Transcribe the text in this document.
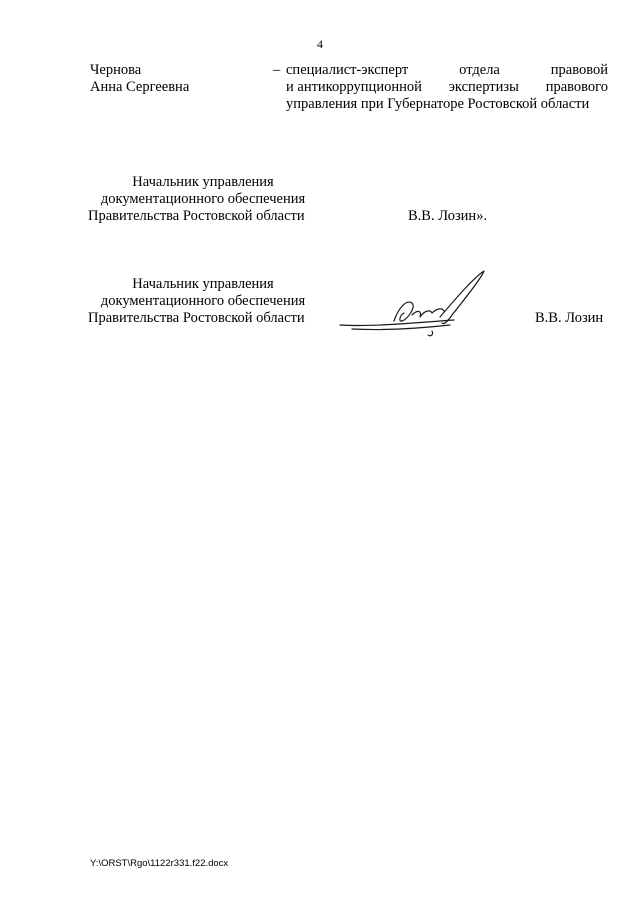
4
Чернова
Анна Сергеевна
– специалист-эксперт	отдела	правовой
и антикоррупционной экспертизы правового
управления при Губернаторе Ростовской области
Начальник управления
документационного обеспечения
Правительства Ростовской области	В.В. Лозин».
Начальник управления
документационного обеспечения
Правительства Ростовской области	В.В. Лозин
Y:\ORST\Rgo\1122r331.f22.docx
